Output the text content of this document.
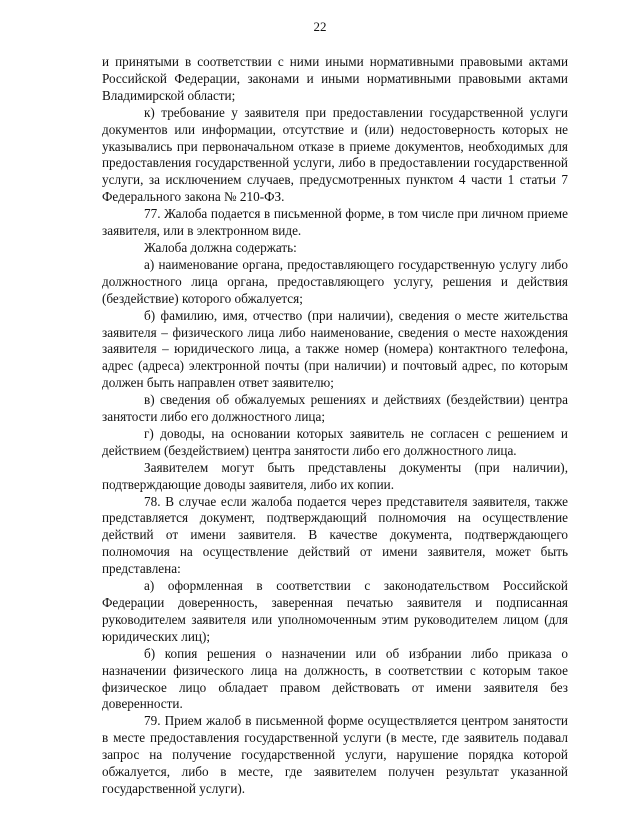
22

и принятыми в соответствии с ними иными нормативными правовыми актами Российской Федерации, законами и иными нормативными правовыми актами Владимирской области;

к) требование у заявителя при предоставлении государственной услуги документов или информации, отсутствие и (или) недостоверность которых не указывались при первоначальном отказе в приеме документов, необходимых для предоставления государственной услуги, либо в предоставлении государственной услуги, за исключением случаев, предусмотренных пунктом 4 части 1 статьи 7 Федерального закона № 210-ФЗ.

77. Жалоба подается в письменной форме, в том числе при личном приеме заявителя, или в электронном виде.

Жалоба должна содержать:

а) наименование органа, предоставляющего государственную услугу либо должностного лица органа, предоставляющего услугу, решения и действия (бездействие) которого обжалуется;

б) фамилию, имя, отчество (при наличии), сведения о месте жительства заявителя – физического лица либо наименование, сведения о месте нахождения заявителя – юридического лица, а также номер (номера) контактного телефона, адрес (адреса) электронной почты (при наличии) и почтовый адрес, по которым должен быть направлен ответ заявителю;

в) сведения об обжалуемых решениях и действиях (бездействии) центра занятости либо его должностного лица;

г) доводы, на основании которых заявитель не согласен с решением и действием (бездействием) центра занятости либо его должностного лица.

Заявителем могут быть представлены документы (при наличии), подтверждающие доводы заявителя, либо их копии.

78. В случае если жалоба подается через представителя заявителя, также представляется документ, подтверждающий полномочия на осуществление действий от имени заявителя. В качестве документа, подтверждающего полномочия на осуществление действий от имени заявителя, может быть представлена:

а) оформленная в соответствии с законодательством Российской Федерации доверенность, заверенная печатью заявителя и подписанная руководителем заявителя или уполномоченным этим руководителем лицом (для юридических лиц);

б) копия решения о назначении или об избрании либо приказа о назначении физического лица на должность, в соответствии с которым такое физическое лицо обладает правом действовать от имени заявителя без доверенности.

79. Прием жалоб в письменной форме осуществляется центром занятости в месте предоставления государственной услуги (в месте, где заявитель подавал запрос на получение государственной услуги, нарушение порядка которой обжалуется, либо в месте, где заявителем получен результат указанной государственной услуги).
